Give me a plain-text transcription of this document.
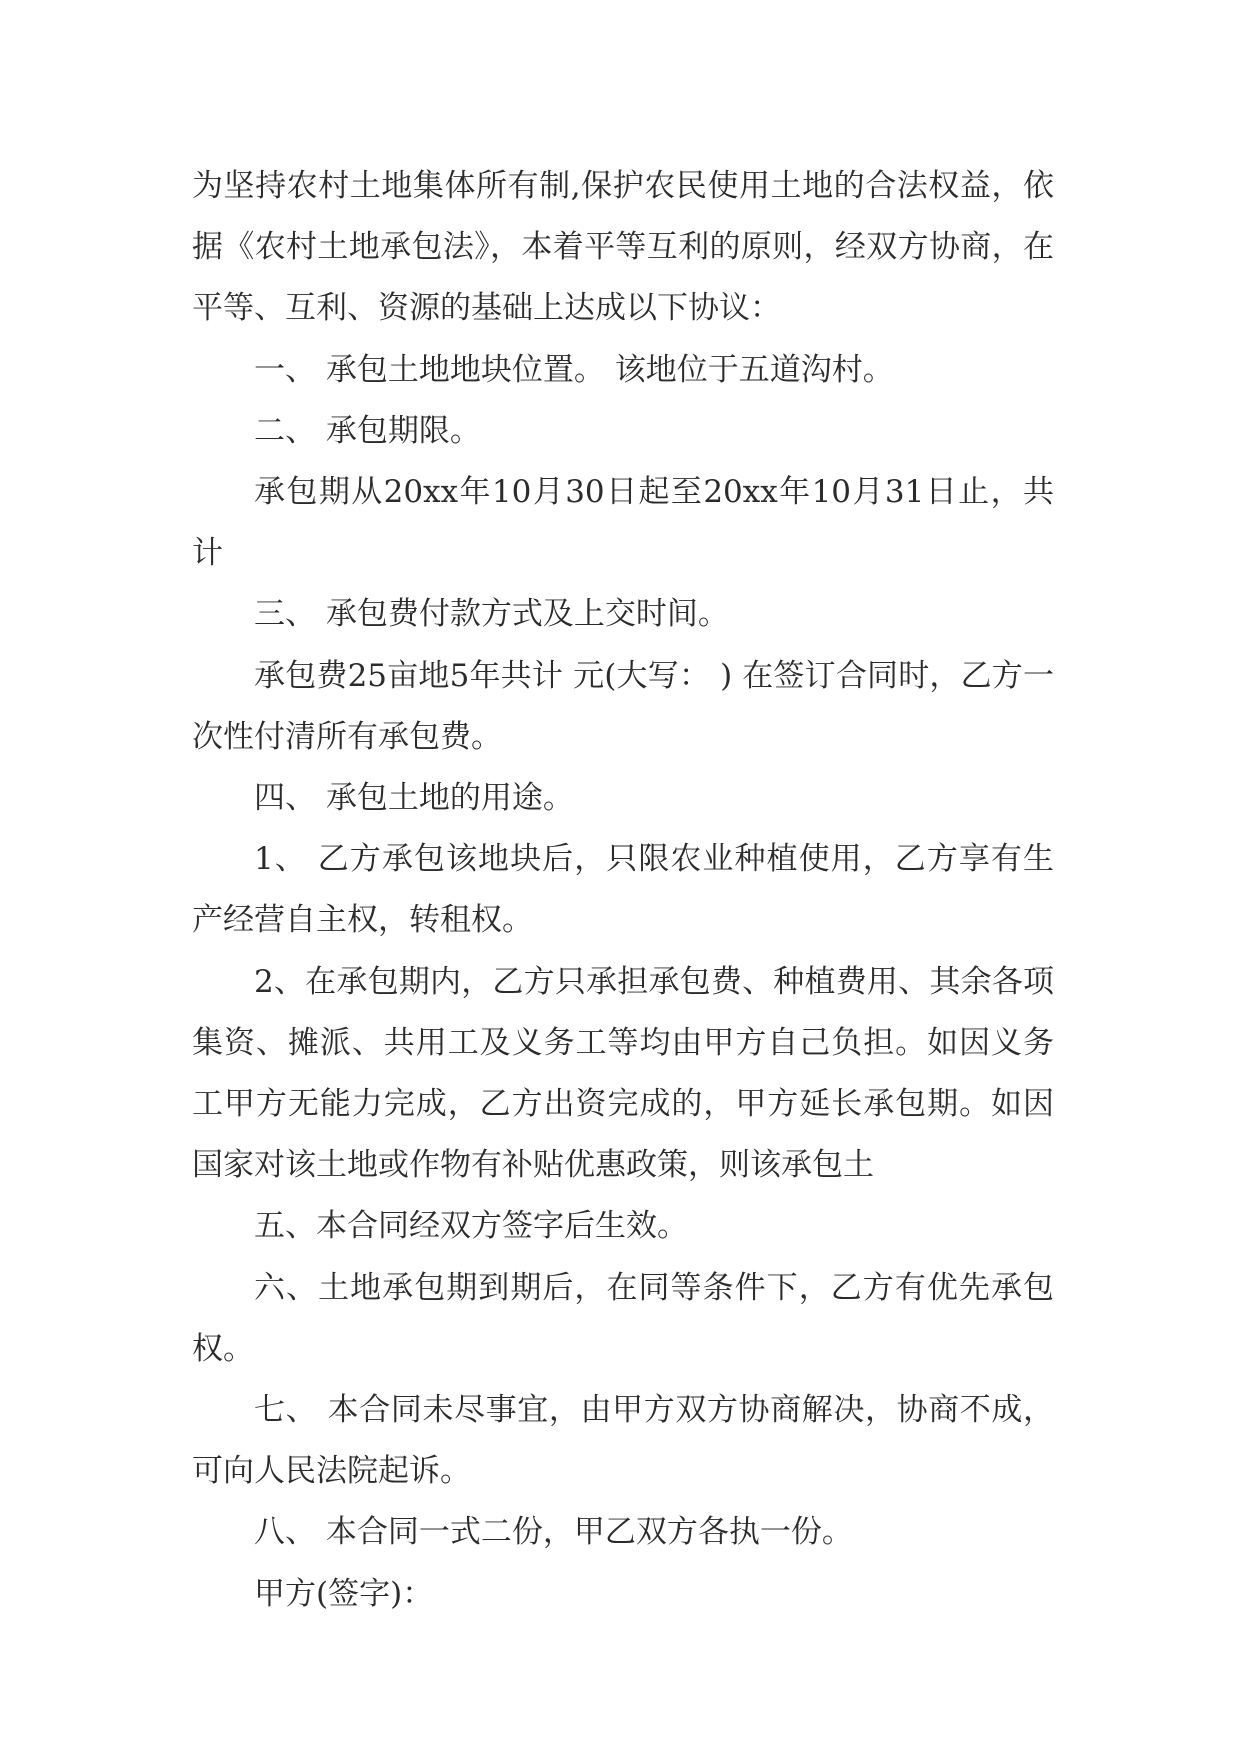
为坚持农村土地集体所有制,保护农民使用土地的合法权益，依据《农村土地承包法》，本着平等互利的原则，经双方协商，在平等、互利、资源的基础上达成以下协议：

一、 承包土地地块位置。 该地位于五道沟村。

二、 承包期限。

承包期从20xx年10月30日起至20xx年10月31日止，共计

三、 承包费付款方式及上交时间。

承包费25亩地5年共计 元(大写： ) 在签订合同时，乙方一次性付清所有承包费。

四、 承包土地的用途。

1、 乙方承包该地块后，只限农业种植使用，乙方享有生产经营自主权，转租权。

2、在承包期内，乙方只承担承包费、种植费用、其余各项集资、摊派、共用工及义务工等均由甲方自己负担。如因义务工甲方无能力完成，乙方出资完成的，甲方延长承包期。如因国家对该土地或作物有补贴优惠政策，则该承包土

五、本合同经双方签字后生效。

六、土地承包期到期后，在同等条件下，乙方有优先承包权。

七、 本合同未尽事宜，由甲方双方协商解决，协商不成，可向人民法院起诉。

八、 本合同一式二份，甲乙双方各执一份。

甲方(签字)：
